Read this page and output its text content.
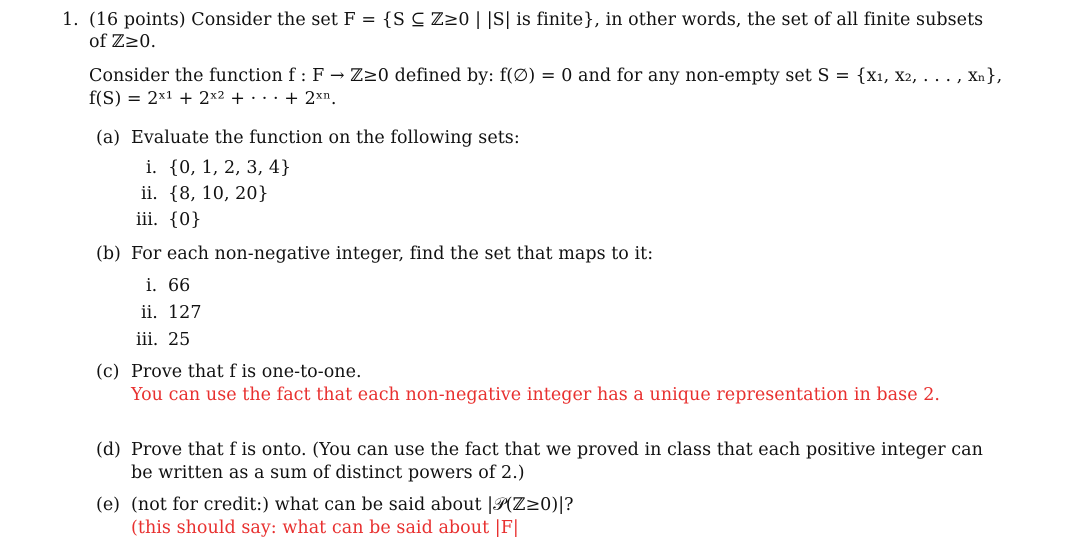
1. (16 points) Consider the set F = {S ⊆ ℤ≥0 | |S| is finite}, in other words, the set of all finite subsets
of ℤ≥0.
Consider the function f : F → ℤ≥0 defined by: f(∅) = 0 and for any non-empty set S = {x₁, x₂, . . . , xₙ},
f(S) = 2ˣ¹ + 2ˣ² + · · · + 2ˣⁿ.
(a) Evaluate the function on the following sets:
i. {0, 1, 2, 3, 4}
ii. {8, 10, 20}
iii. {0}
(b) For each non-negative integer, find the set that maps to it:
i. 66
ii. 127
iii. 25
(c) Prove that f is one-to-one.
You can use the fact that each non-negative integer has a unique representation in base 2.
(d) Prove that f is onto. (You can use the fact that we proved in class that each positive integer can
be written as a sum of distinct powers of 2.)
(e) (not for credit:) what can be said about |𝒫(ℤ≥0)|?
(this should say: what can be said about |F|
